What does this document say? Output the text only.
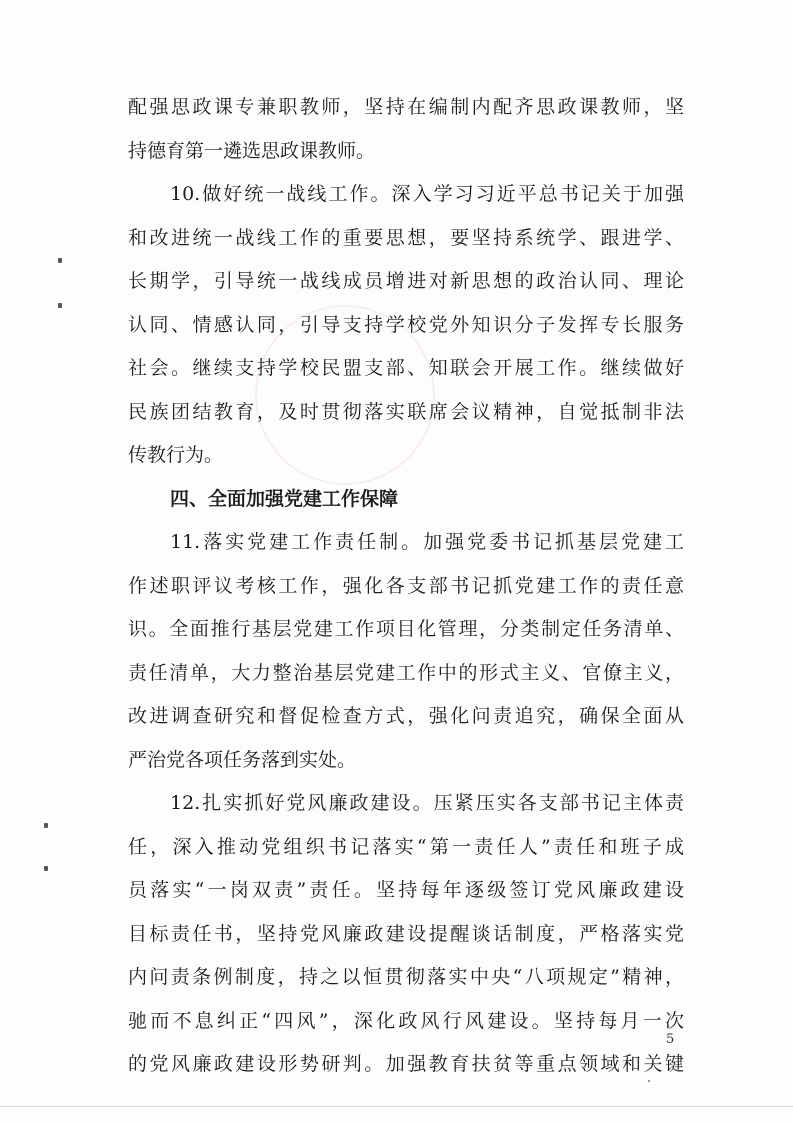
配强思政课专兼职教师，坚持在编制内配齐思政课教师，坚
持德育第一遴选思政课教师。
10.做好统一战线工作。深入学习习近平总书记关于加强
和改进统一战线工作的重要思想，要坚持系统学、跟进学、
长期学，引导统一战线成员增进对新思想的政治认同、理论
认同、情感认同，引导支持学校党外知识分子发挥专长服务
社会。继续支持学校民盟支部、知联会开展工作。继续做好
民族团结教育，及时贯彻落实联席会议精神，自觉抵制非法
传教行为。
四、全面加强党建工作保障
11.落实党建工作责任制。加强党委书记抓基层党建工
作述职评议考核工作，强化各支部书记抓党建工作的责任意
识。全面推行基层党建工作项目化管理，分类制定任务清单、
责任清单，大力整治基层党建工作中的形式主义、官僚主义，
改进调查研究和督促检查方式，强化问责追究，确保全面从
严治党各项任务落到实处。
12.扎实抓好党风廉政建设。压紧压实各支部书记主体责
任，深入推动党组织书记落实“第一责任人”责任和班子成
员落实“一岗双责”责任。坚持每年逐级签订党风廉政建设
目标责任书，坚持党风廉政建设提醒谈话制度，严格落实党
内问责条例制度，持之以恒贯彻落实中央“八项规定”精神，
驰而不息纠正“四风”，深化政风行风建设。坚持每月一次
的党风廉政建设形势研判。加强教育扶贫等重点领域和关键
5
